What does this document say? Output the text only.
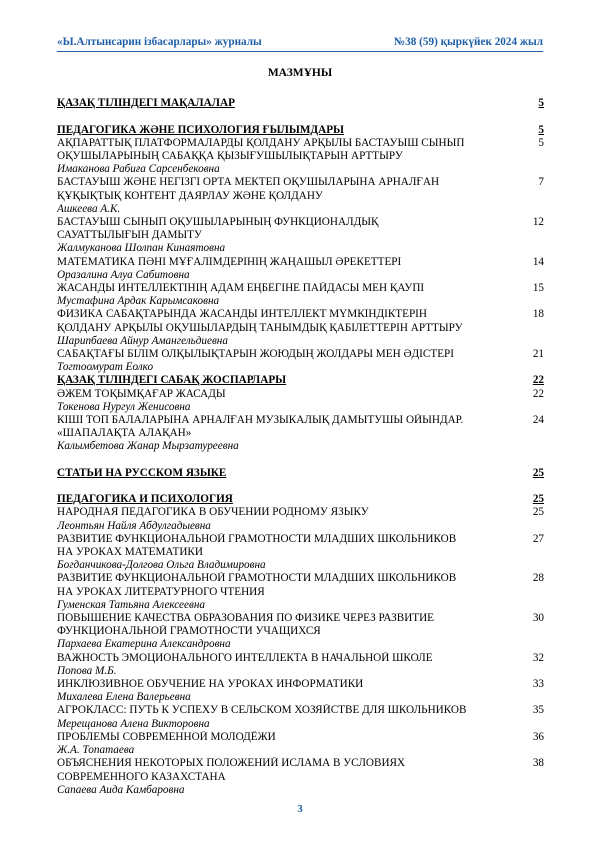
«Ы.Алтынсарин ізбасарлары» журналы	№38 (59) қыркүйек 2024 жыл
МАЗМҰНЫ
ҚАЗАҚ ТІЛІНДЕГІ МАҚАЛАЛАР	5
ПЕДАГОГИКА ЖӘНЕ ПСИХОЛОГИЯ ҒЫЛЫМДАРЫ	5
АҚПАРАТТЫҚ ПЛАТФОРМАЛАРДЫ ҚОЛДАНУ АРҚЫЛЫ БАСТАУЫШ СЫНЫП	5
ОҚУШЫЛАРЫНЫҢ САБАҚҚА ҚЫЗЫҒУШЫЛЫҚТАРЫН АРТТЫРУ
Имаканова Рабиға Сарсенбековна
БАСТАУЫШ ЖӘНЕ НЕГІЗГІ ОРТА МЕКТЕП ОҚУШЫЛАРЫНА АРНАЛҒАН	7
ҚҰҚЫҚТЫҚ КОНТЕНТ ДАЯРЛАУ ЖӘНЕ ҚОЛДАНУ
Ашкеева А.К.
БАСТАУЫШ СЫНЫП ОҚУШЫЛАРЫНЫҢ ФУНКЦИОНАЛДЫҚ	12
САУАТТЫЛЫҒЫН ДАМЫТУ
Жалмуканова Шолпан Кинаятовна
МАТЕМАТИКА ПӘНІ МҰҒАЛІМДЕРІНІҢ ЖАҢАШЫЛ ӘРЕКЕТТЕРІ	14
Оразалина Алуа Сабитовна
ЖАСАНДЫ ИНТЕЛЛЕКТІНІҢ АДАМ ЕҢБЕГІНЕ ПАЙДАСЫ МЕН ҚАУПІ	15
Мустафина Ардак Карымсаковна
ФИЗИКА САБАҚТАРЫНДА ЖАСАНДЫ ИНТЕЛЛЕКТ МҮМКІНДІКТЕРІН	18
ҚОЛДАНУ АРҚЫЛЫ ОҚУШЫЛАРДЫҢ ТАНЫМДЫҚ ҚАБІЛЕТТЕРІН АРТТЫРУ
Шарипбаева Айнур Амангельдиевна
САБАҚТАҒЫ БІЛІМ ОЛҚЫЛЫҚТАРЫН ЖОЮДЫҢ ЖОЛДАРЫ МЕН ӘДІСТЕРІ	21
Тогтоомурат Ёолко
ҚАЗАҚ ТІЛІНДЕГІ САБАҚ ЖОСПАРЛАРЫ	22
ӘЖЕМ ТОҚЫМҚАҒАР ЖАСАДЫ	22
Токенова Нургул Женисовна
КІШІ ТОП БАЛАЛАРЫНА АРНАЛҒАН МУЗЫКАЛЫҚ ДАМЫТУШЫ ОЙЫНДАР.	24
«ШАПАЛАҚТА АЛАҚАН»
Калымбетова Жанар Мырзатуреевна
СТАТЬИ НА РУССКОМ ЯЗЫКЕ	25
ПЕДАГОГИКА И ПСИХОЛОГИЯ	25
НАРОДНАЯ ПЕДАГОГИКА В ОБУЧЕНИИ РОДНОМУ ЯЗЫКУ	25
Леонтьян Найля Абдулгадыевна
РАЗВИТИЕ ФУНКЦИОНАЛЬНОЙ ГРАМОТНОСТИ МЛАДШИХ ШКОЛЬНИКОВ	27
НА УРОКАХ МАТЕМАТИКИ
Богданчикова-Долгова Ольга Владимировна
РАЗВИТИЕ ФУНКЦИОНАЛЬНОЙ ГРАМОТНОСТИ МЛАДШИХ ШКОЛЬНИКОВ	28
НА УРОКАХ ЛИТЕРАТУРНОГО ЧТЕНИЯ
Гуменская Татьяна Алексеевна
ПОВЫШЕНИЕ КАЧЕСТВА ОБРАЗОВАНИЯ ПО ФИЗИКЕ ЧЕРЕЗ РАЗВИТИЕ	30
ФУНКЦИОНАЛЬНОЙ ГРАМОТНОСТИ УЧАЩИХСЯ
Пархаева Екатерина Александровна
ВАЖНОСТЬ ЭМОЦИОНАЛЬНОГО ИНТЕЛЛЕКТА В НАЧАЛЬНОЙ ШКОЛЕ	32
Попова М.Б.
ИНКЛЮЗИВНОЕ ОБУЧЕНИЕ НА УРОКАХ ИНФОРМАТИКИ	33
Михалева Елена Валерьевна
АГРОКЛАСС: ПУТЬ К УСПЕХУ В СЕЛЬСКОМ ХОЗЯЙСТВЕ ДЛЯ ШКОЛЬНИКОВ	35
Мерещанова Алена Викторовна
ПРОБЛЕМЫ СОВРЕМЕННОЙ МОЛОДЁЖИ	36
Ж.А. Топатаева
ОБЪЯСНЕНИЯ НЕКОТОРЫХ ПОЛОЖЕНИЙ ИСЛАМА В УСЛОВИЯХ	38
СОВРЕМЕННОГО КАЗАХСТАНА
Сапаева Аида Камбаровна
3
